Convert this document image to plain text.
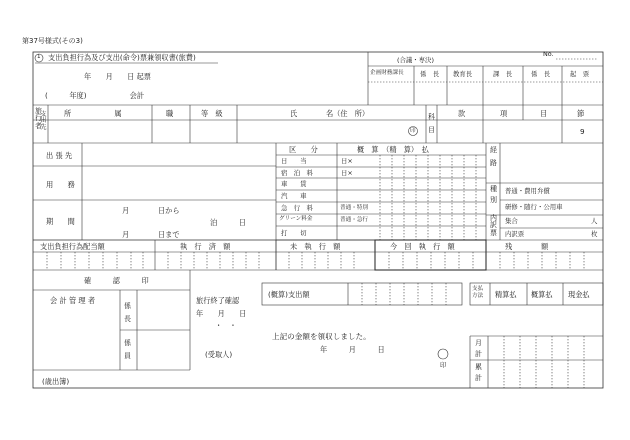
第37号様式(その3)
1 支出負担行為及び支出(命令)票兼領収書(旅費)	(合議・専決)
No.
年　　月　　日 起票
(　　　年度)　　　　　　会計
企画財務課長	係　長 教育長	課　長	係　長	起　票
款	項	目	節
9
旅
行
者
支
出
先
所　　　　　　属	職	等　級	氏　　　　名（住　所）
印
科
目
出 張 先
用　　務
期　　間
月　　　　日から
月　　　　日まで
泊　　　日
区　　分	概　算　（精　算）　払
日　　当	日×
宿　泊　料	日×
車　　賃
汽　　車
急　行　料	普通・特別
グリーン料金	普通・急行
打　　切
経
路
種
別
普通・費用弁償
研修・随行・公用車
内
訳
票
集合	人
内訳票	枚
支出負担行為配当額	執　行　済　額	未　執　行　額	今　回　執　行　額	残　　　　額
確　　　認　　　印
会 計 管 理 者
係
長
係
員
旅行終了確認
年　　月　　日
・　・
(受取人)
(概算)支出額
上記の金額を領収しました。
年　　　月　　　日
印
支払
方法 精算払 概算払 現金払
月
計
累
計
(歳出簿)
